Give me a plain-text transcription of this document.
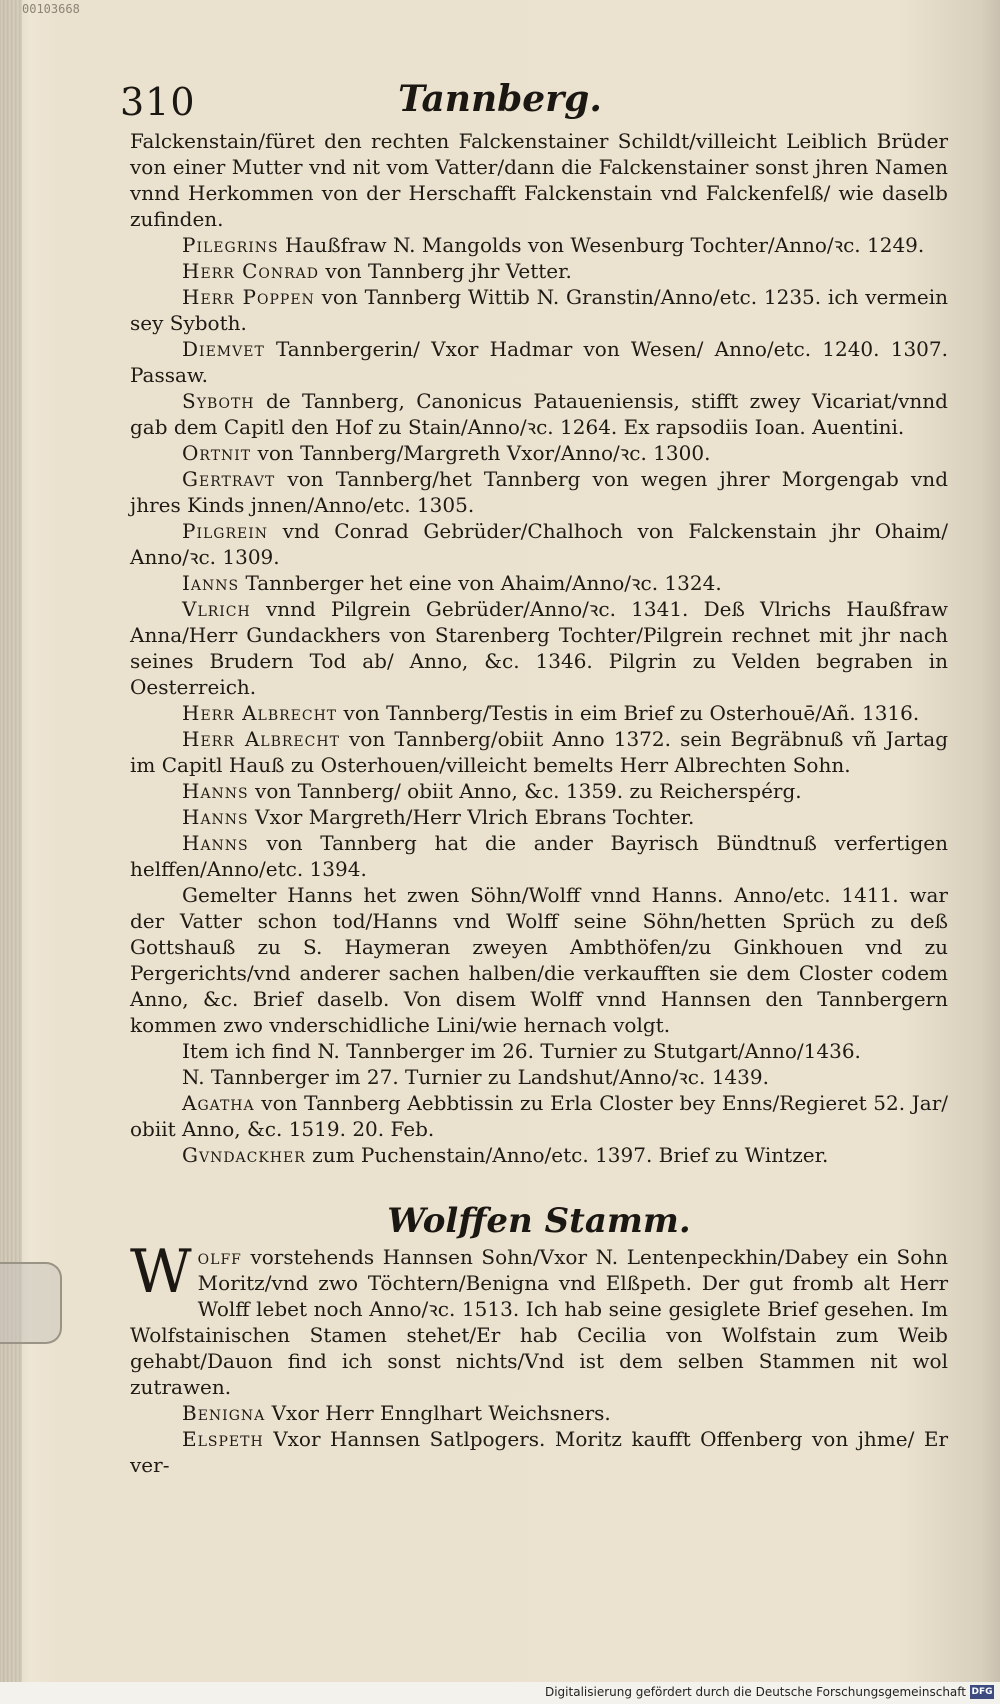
00103668
310	Tannberg.

Falckenstain/füret den rechten Falckenstainer Schildt/villeicht Leiblich Brüder von einer Mutter vnd nit vom Vatter/dann die Falckenstainer sonst jhren Namen vnnd Herkommen von der Herschafft Falckenstain vnd Falckenfelß/ wie daselb zufinden.

Pilegrins Haußfraw N. Mangolds von Wesenburg Tochter/Anno/ꝛc. 1249.

Herr Conrad von Tannberg jhr Vetter.

Herr Poppen von Tannberg Wittib N. Granstin/Anno/etc. 1235. ich vermein sey Syboth.

Diemvet Tannbergerin/ Vxor Hadmar von Wesen/ Anno/etc. 1240. 1307. Passaw.

Syboth de Tannberg, Canonicus Pataueniensis, stifft zwey Vicariat/vnnd gab dem Capitl den Hof zu Stain/Anno/ꝛc. 1264. Ex rapsodiis Ioan. Auentini.

Ortnit von Tannberg/Margreth Vxor/Anno/ꝛc. 1300.

Gertravt von Tannberg/het Tannberg von wegen jhrer Morgengab vnd jhres Kinds jnnen/Anno/etc. 1305.

Pilgrein vnd Conrad Gebrüder/Chalhoch von Falckenstain jhr Ohaim/ Anno/ꝛc. 1309.

Ianns Tannberger het eine von Ahaim/Anno/ꝛc. 1324.

Vlrich vnnd Pilgrein Gebrüder/Anno/ꝛc. 1341. Deß Vlrichs Haußfraw Anna/Herr Gundackhers von Starenberg Tochter/Pilgrein rechnet mit jhr nach seines Brudern Tod ab/ Anno, &c. 1346. Pilgrin zu Velden begraben in Oesterreich.

Herr Albrecht von Tannberg/Testis in eim Brief zu Osterhouē/Añ. 1316.

Herr Albrecht von Tannberg/obiit Anno 1372. sein Begräbnuß vñ Jartag im Capitl Hauß zu Osterhouen/villeicht bemelts Herr Albrechten Sohn.

Hanns von Tannberg/ obiit Anno, &c. 1359. zu Reicherspérg.

Hanns Vxor Margreth/Herr Vlrich Ebrans Tochter.

Hanns von Tannberg hat die ander Bayrisch Bündtnuß verfertigen helffen/Anno/etc. 1394.

Gemelter Hanns het zwen Söhn/Wolff vnnd Hanns. Anno/etc. 1411. war der Vatter schon tod/Hanns vnd Wolff seine Söhn/hetten Sprüch zu deß Gottshauß zu S. Haymeran zweyen Ambthöfen/zu Ginkhouen vnd zu Pergerichts/vnd anderer sachen halben/die verkaufften sie dem Closter codem Anno, &c. Brief daselb. Von disem Wolff vnnd Hannsen den Tannbergern kommen zwo vnderschidliche Lini/wie hernach volgt.

Item ich find N. Tannberger im 26. Turnier zu Stutgart/Anno/1436.

N. Tannberger im 27. Turnier zu Landshut/Anno/ꝛc. 1439.

Agatha von Tannberg Aebbtissin zu Erla Closter bey Enns/Regieret 52. Jar/ obiit Anno, &c. 1519. 20. Feb.

Gvndackher zum Puchenstain/Anno/etc. 1397. Brief zu Wintzer.

Wolffen Stamm.

Wolff vorstehends Hannsen Sohn/Vxor N. Lentenpeckhin/Dabey ein Sohn Moritz/vnd zwo Töchtern/Benigna vnd Elßpeth. Der gut fromb alt Herr Wolff lebet noch Anno/ꝛc. 1513. Ich hab seine gesiglete Brief gesehen. Im Wolfstainischen Stamen stehet/Er hab Cecilia von Wolfstain zum Weib gehabt/Dauon find ich sonst nichts/Vnd ist dem selben Stammen nit wol zutrawen.

Benigna Vxor Herr Ennglhart Weichsners.

Elspeth Vxor Hannsen Satlpogers. Moritz kaufft Offenberg von jhme/ Er ver-

Digitalisierung gefördert durch die Deutsche Forschungsgemeinschaft DFG
